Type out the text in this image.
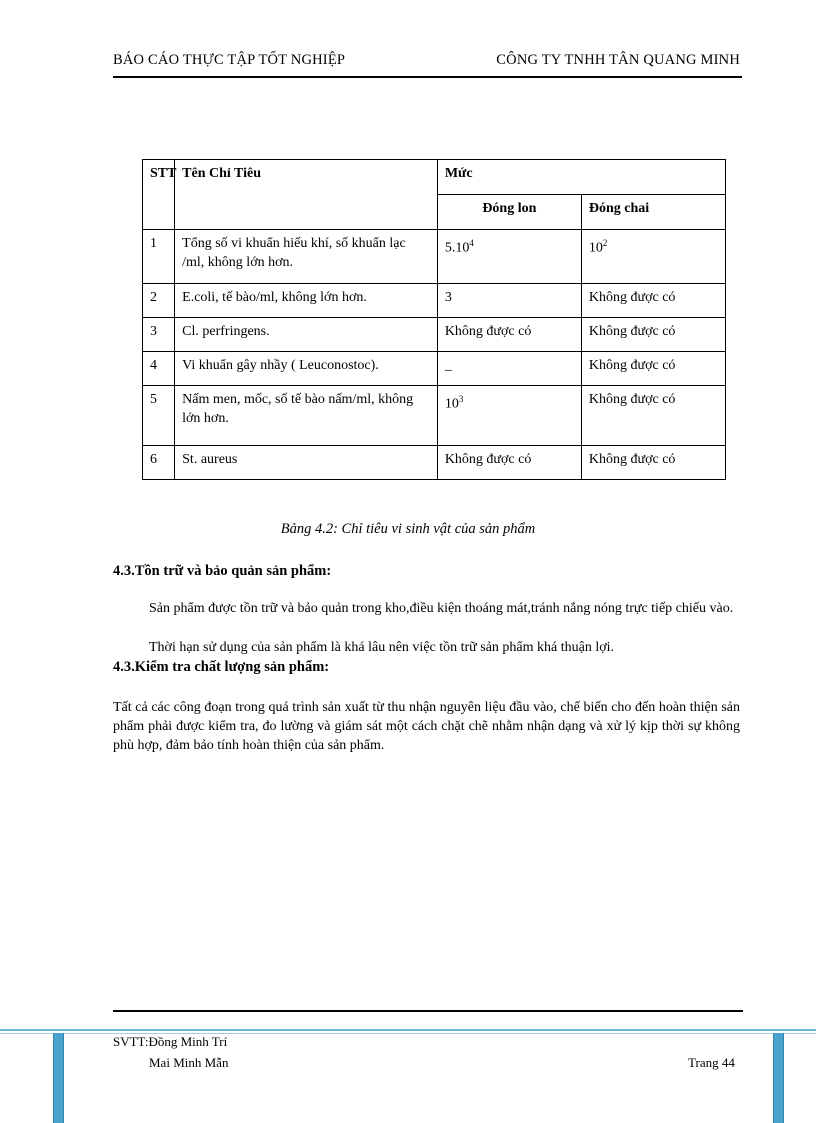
BÁO CÁO THỰC TẬP TỐT NGHIỆP	CÔNG TY TNHH TÂN QUANG MINH
STT	Tên Chỉ Tiêu	Mức	
		Đóng lon	Đóng chai
1	Tổng số vi khuẩn hiếu khí, số khuẩn lạc /ml, không lớn hơn.	5.10$^4$	$10^2$
2	E.coli, tế bào/ml, không lớn hơn.	3	Không được có
3	Cl. perfringens.	Không được có	Không được có
4	Vi khuẩn gây nhầy ( Leuconostoc).	_	Không được có
5	Nấm men, mốc, số tế bào nấm/ml, không lớn hơn.	$10^3$	Không được có
6	St. aureus	Không được có	Không được có
Bảng 4.2: Chỉ tiêu vi sinh vật của sản phẩm
4.3.Tồn trữ và bảo quản sản phẩm:
Sản phẩm được tồn trữ và bảo quản trong kho,điều kiện thoáng mát,tránh nắng nóng trực tiếp chiếu vào.
Thời hạn sử dụng của sản phẩm là khá lâu nên việc tồn trữ sản phẩm khá thuận lợi.
4.3.Kiểm tra chất lượng sản phẩm:
Tất cả các công đoạn trong quá trình sản xuất từ thu nhận nguyên liệu đầu vào, chế biến cho đến hoàn thiện sản phẩm phải được kiểm tra, đo lường và giám sát một cách chặt chẽ nhằm nhận dạng và xử lý kịp thời sự không phù hợp, đảm bảo tính hoàn thiện của sản phẩm.
SVTT:Đồng Minh Trí
Mai Minh Mẫn	Trang 44
